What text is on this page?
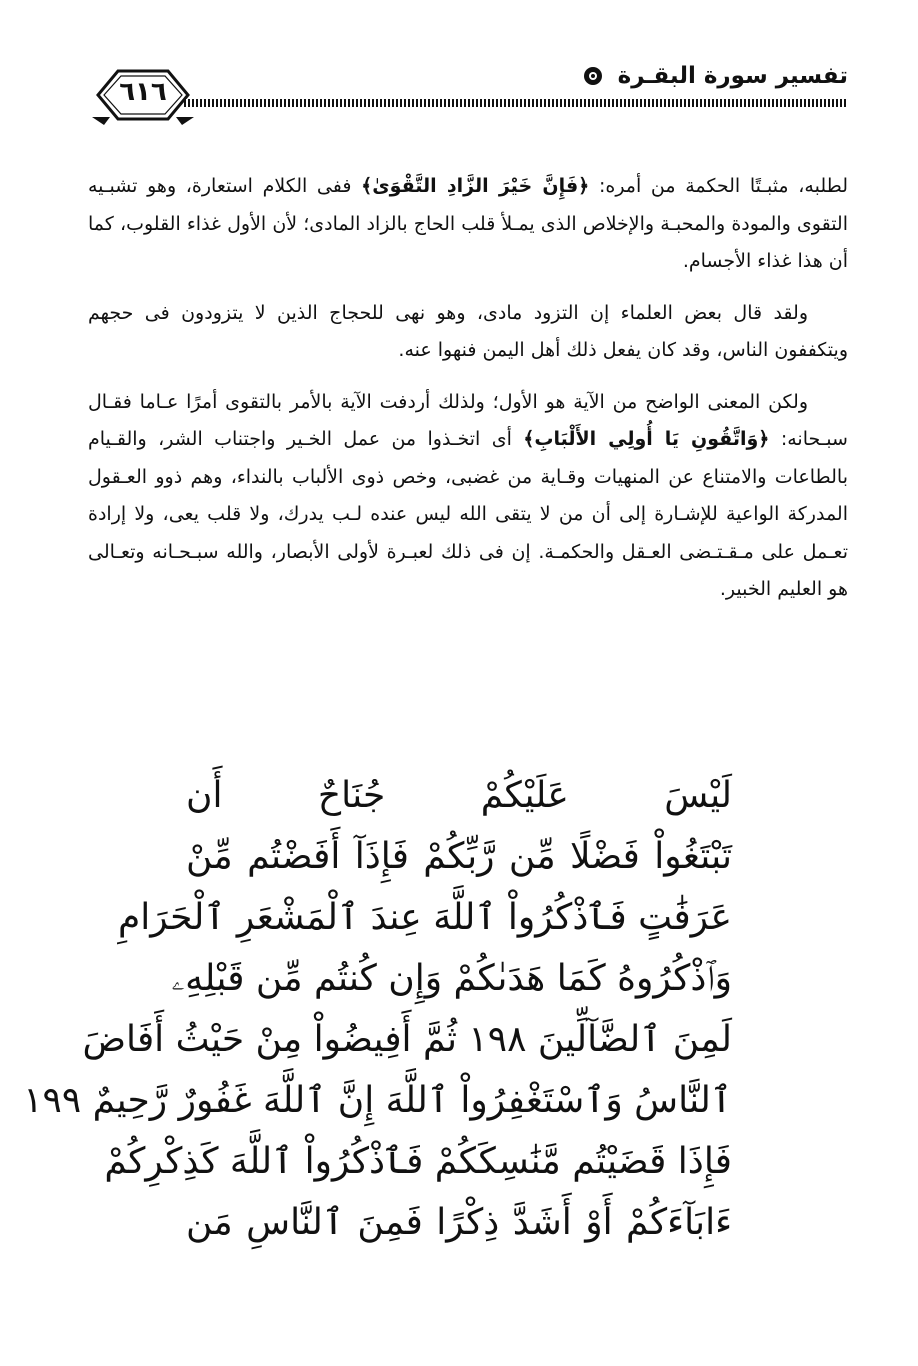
٦١٦
تفسير سورة البقـرة

لطلبه، مثبـتًا الحكمة من أمره: ﴿فَإِنَّ خَيْرَ الزَّادِ التَّقْوَىٰ﴾ ففى الكلام استعارة، وهو تشبـيه التقوى والمودة والمحبـة والإخلاص الذى يمـلأ قلب الحاج بالزاد المادى؛ لأن الأول غذاء القلوب، كما أن هذا غذاء الأجسام.

ولقد قال بعض العلماء إن التزود مادى، وهو نهى للحجاج الذين لا يتزودون فى حجهم ويتكففون الناس، وقد كان يفعل ذلك أهل اليمن فنهوا عنه.

ولكن المعنى الواضح من الآية هو الأول؛ ولذلك أردفت الآية بالأمر بالتقوى أمرًا عـاما فقـال سبـحانه: ﴿وَاتَّقُونِ يَا أُولِي الأَلْبَابِ﴾ أى اتخـذوا من عمل الخـير واجتناب الشر، والقـيام بالطاعات والامتناع عن المنهيات وقـاية من غضبى، وخص ذوى الألباب بالنداء، وهم ذوو العـقول المدركة الواعية للإشـارة إلى أن من لا يتقى الله ليس عنده لـب يدرك، ولا قلب يعى، ولا إرادة تعـمل على مـقـتـضى العـقل والحكمـة. إن فى ذلك لعبـرة لأولى الأبصار، والله سبـحـانه وتعـالى هو العليم الخبير.

لَيْسَ عَلَيْكُمْ جُنَاحٌ أَن
تَبْتَغُواْ فَضْلًا مِّن رَّبِّكُمْ فَإِذَآ أَفَضْتُم مِّنْ
عَرَفَٰتٍ فَٱذْكُرُواْ ٱللَّهَ عِندَ ٱلْمَشْعَرِ ٱلْحَرَامِ
وَٱذْكُرُوهُ كَمَا هَدَىٰكُمْ وَإِن كُنتُم مِّن قَبْلِهِۦ
لَمِنَ ٱلضَّآلِّينَ ١٩٨ ثُمَّ أَفِيضُواْ مِنْ حَيْثُ أَفَاضَ
ٱلنَّاسُ وَٱسْتَغْفِرُواْ ٱللَّهَ إِنَّ ٱللَّهَ غَفُورٌ رَّحِيمٌ ١٩٩
فَإِذَا قَضَيْتُم مَّنَٰسِكَكُمْ فَٱذْكُرُواْ ٱللَّهَ كَذِكْرِكُمْ
ءَابَآءَكُمْ أَوْ أَشَدَّ ذِكْرًا فَمِنَ ٱلنَّاسِ مَن
